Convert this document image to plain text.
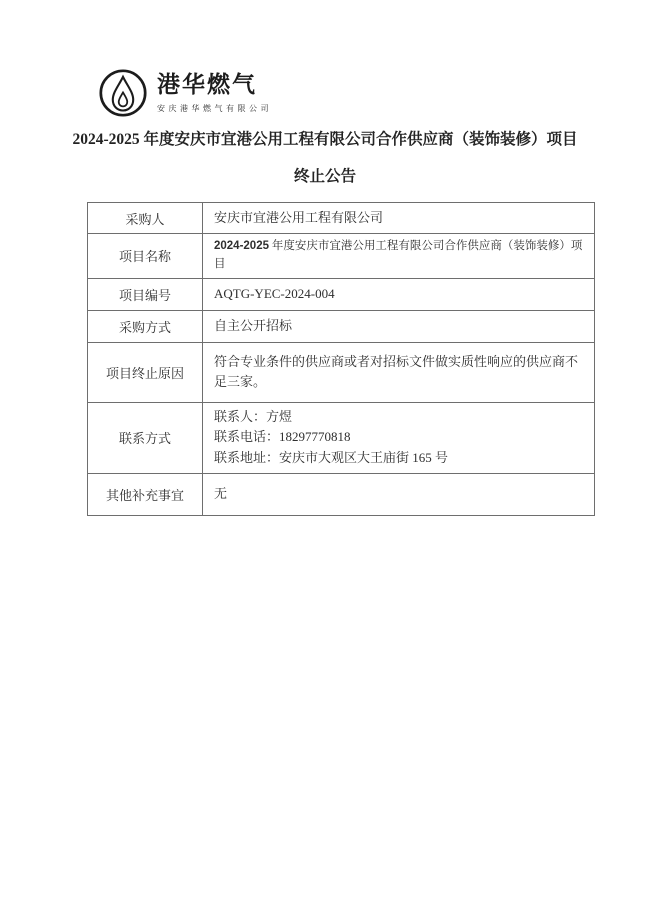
港华燃气
安庆港华燃气有限公司
2024-2025 年度安庆市宜港公用工程有限公司合作供应商（装饰装修）项目
终止公告
采购人	安庆市宜港公用工程有限公司
项目名称	2024-2025 年度安庆市宜港公用工程有限公司合作供应商（装饰装修）项目
项目编号	AQTG-YEC-2024-004
采购方式	自主公开招标
项目终止原因	符合专业条件的供应商或者对招标文件做实质性响应的供应商不足三家。
联系方式	联系人：方煜
联系电话：18297770818
联系地址：安庆市大观区大王庙街 165 号

其他补充事宜	无
